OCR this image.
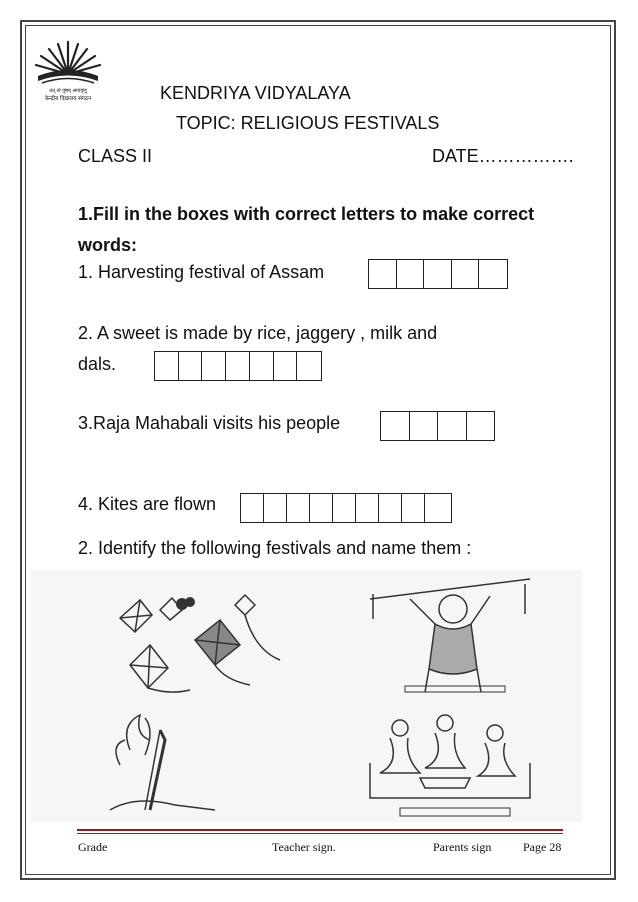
तत् त्वं पूषन् अपावृणु
केन्द्रीय विद्यालय संगठन	KENDRIYA VIDYALAYA
TOPIC: RELIGIOUS FESTIVALS
CLASS II	DATE…………….
1.Fill in the boxes with correct letters to make correct
words:
1. Harvesting festival of Assam
2. A sweet is made by rice, jaggery , milk and
dals.
3.Raja Mahabali visits his people
4. Kites are flown
2. Identify the following festivals and name them :
Grade	Teacher sign.	Parents sign	Page 28
